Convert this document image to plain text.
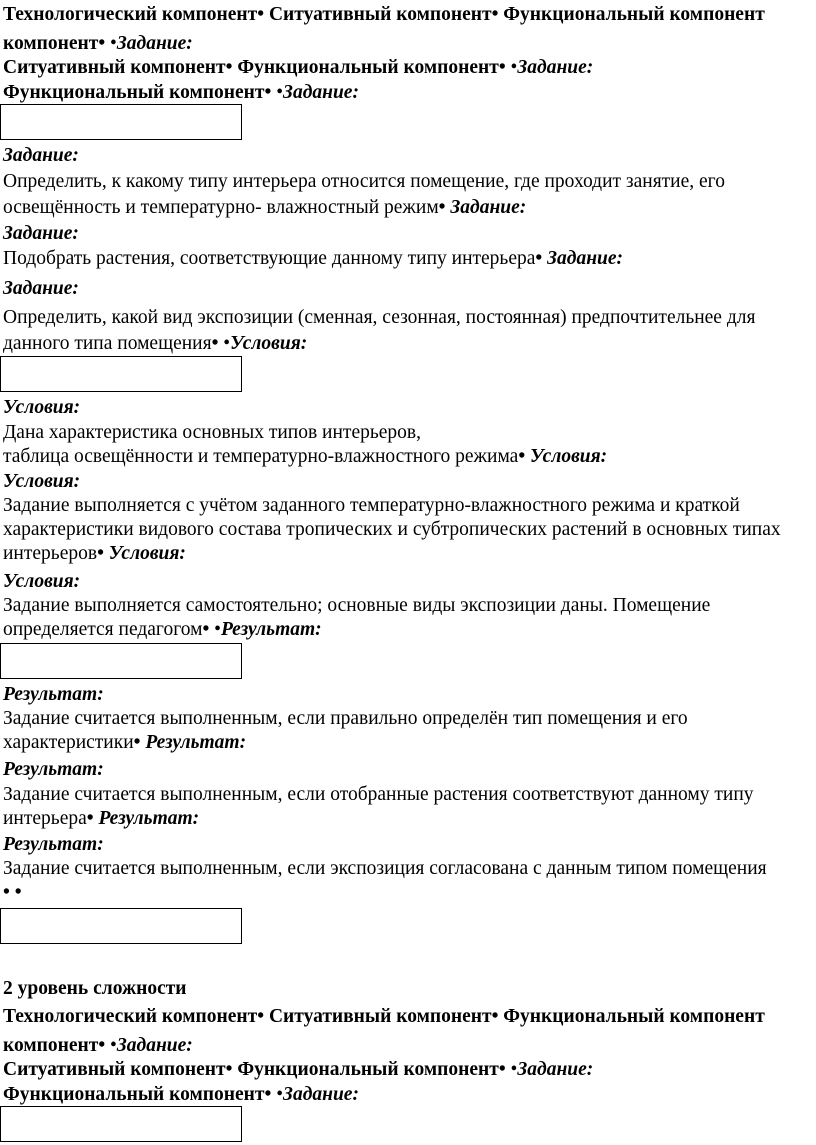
Технологический компонент• Ситуативный компонент• Функциональный компонент
компонент• •Задание:
Ситуативный компонент• Функциональный компонент• •Задание:
Функциональный компонент• •Задание:
Задание:
Определить, к какому типу интерьера относится помещение, где проходит занятие, его освещённость и температурно- влажностный режим• Задание:
Задание:
Подобрать растения, соответствующие данному типу интерьера• Задание:
Задание:
Определить, какой вид экспозиции (сменная, сезонная, постоянная) предпочтительнее для данного типа помещения• •Условия:
Условия:
Дана характеристика основных типов интерьеров,
таблица освещённости и температурно-влажностного режима• Условия:
Условия:
Задание выполняется с учётом заданного температурно-влажностного режима и краткой характеристики видового состава тропических и субтропических растений в основных типах интерьеров• Условия:
Условия:
Задание выполняется самостоятельно; основные виды экспозиции даны. Помещение определяется педагогом• •Результат:
Результат:
Задание считается выполненным, если правильно определён тип помещения и его характеристики• Результат:
Результат:
Задание считается выполненным, если отобранные растения соответствуют данному типу интерьера• Результат:
Результат:
Задание считается выполненным, если экспозиция согласована с данным типом помещения • •
2 уровень сложности
Технологический компонент• Ситуативный компонент• Функциональный компонент
компонент• •Задание:
Ситуативный компонент• Функциональный компонент• •Задание:
Функциональный компонент• •Задание:
